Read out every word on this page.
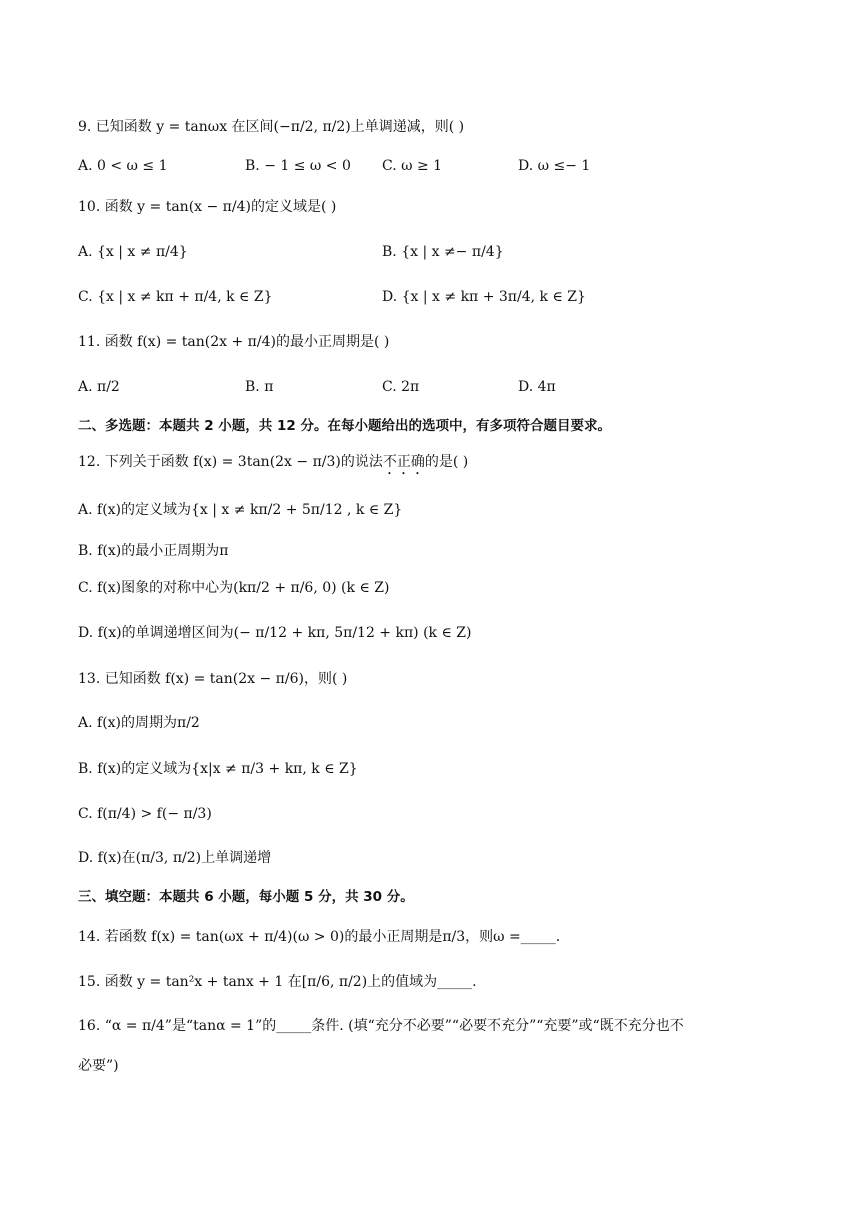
9. 已知函数 y = tanωx 在区间(−π/2, π/2)上单调递减，则( )
A. 0 < ω ≤ 1	B. − 1 ≤ ω < 0 C. ω ≥ 1	D. ω ≤− 1
10. 函数 y = tan(x − π/4)的定义域是( )
A. {x | x ≠ π/4}	B. {x | x ≠− π/4}
C. {x | x ≠ kπ + π/4, k ∈ Z}	D. {x | x ≠ kπ + 3π/4, k ∈ Z}
11. 函数 f(x) = tan(2x + π/4)的最小正周期是( )
A. π/2	B. π	C. 2π	D. 4π
二、多选题：本题共 2 小题，共 12 分。在每小题给出的选项中，有多项符合题目要求。
12. 下列关于函数 f(x) = 3tan(2x − π/3)的说法不正确的是( )
A. f(x)的定义域为{x | x ≠ kπ/2 + 5π/12 , k ∈ Z}
B. f(x)的最小正周期为π
C. f(x)图象的对称中心为(kπ/2 + π/6, 0) (k ∈ Z)
D. f(x)的单调递增区间为(− π/12 + kπ, 5π/12 + kπ) (k ∈ Z)
13. 已知函数 f(x) = tan(2x − π/6)，则( )
A. f(x)的周期为π/2
B. f(x)的定义域为{x|x ≠ π/3 + kπ, k ∈ Z}
C. f(π/4) > f(− π/3)
D. f(x)在(π/3, π/2)上单调递增
三、填空题：本题共 6 小题，每小题 5 分，共 30 分。
14. 若函数 f(x) = tan(ωx + π/4)(ω > 0)的最小正周期是π/3，则ω =_____.
15. 函数 y = tan²x + tanx + 1 在[π/6, π/2)上的值域为_____.
16. “α = π/4”是“tanα = 1”的_____条件. (填“充分不必要”“必要不充分”“充要”或“既不充分也不
必要”)
